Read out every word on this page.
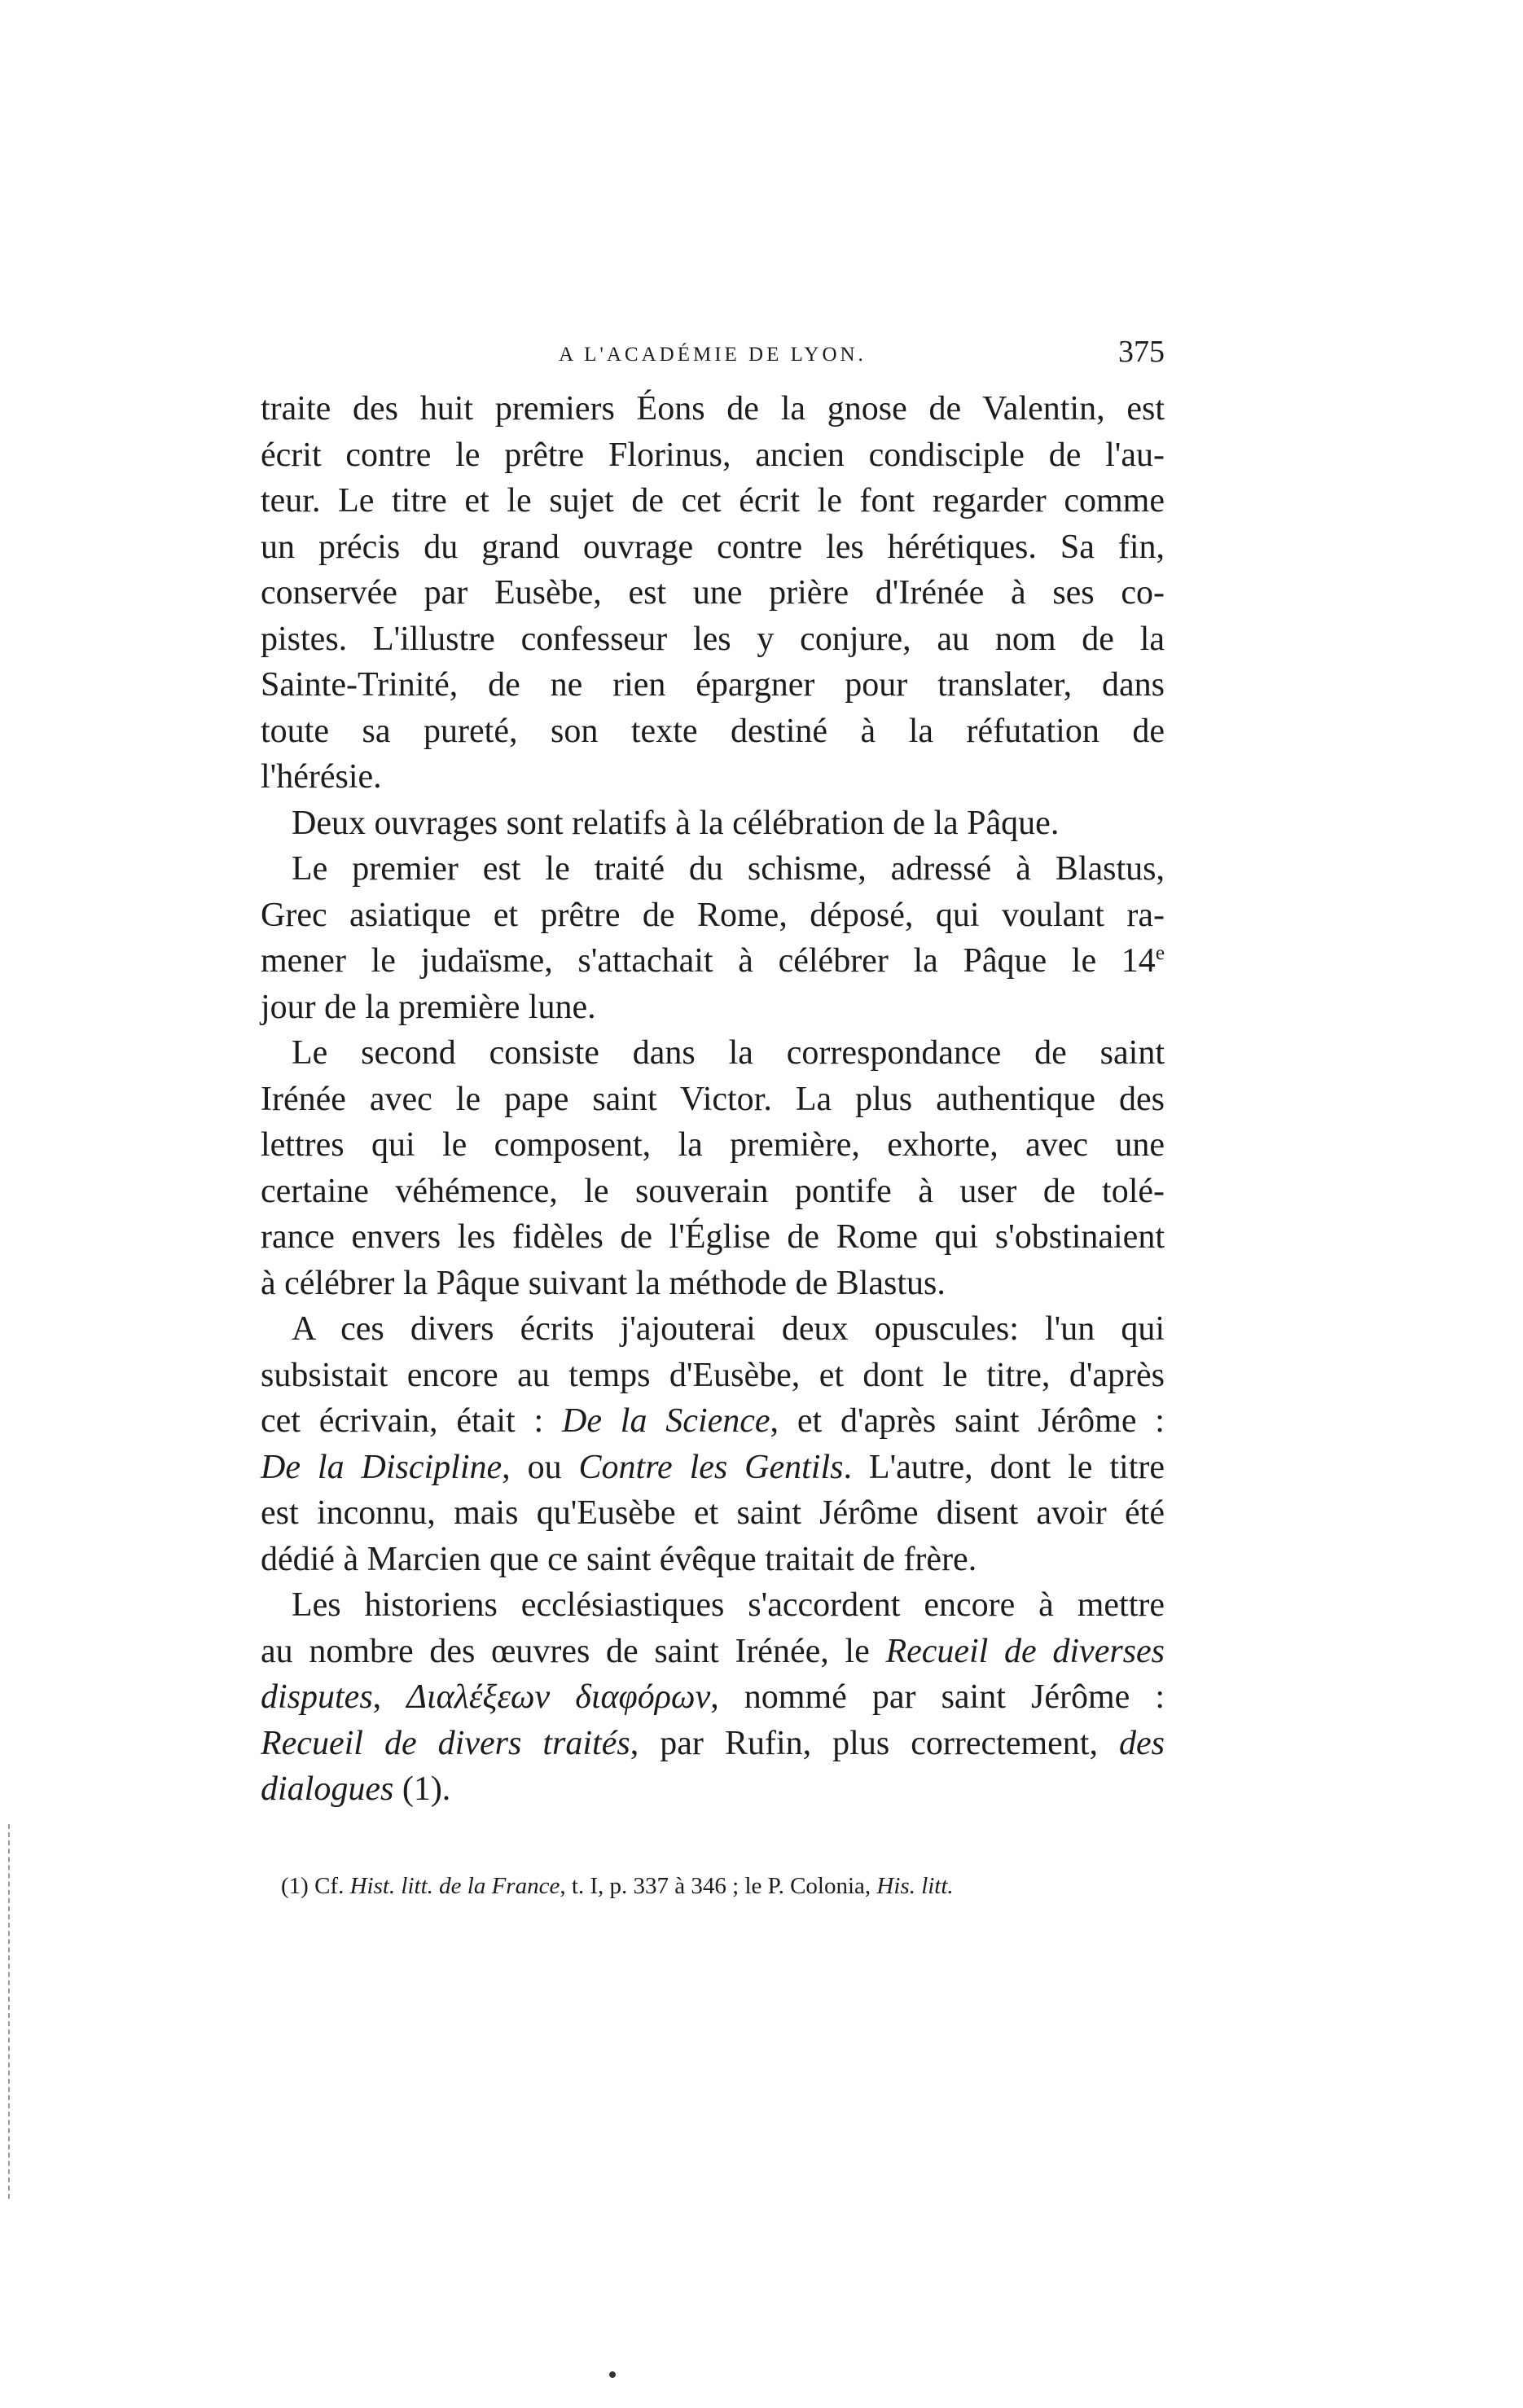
A L'ACADÉMIE DE LYON.	375
traite des huit premiers Éons de la gnose de Valentin, est
écrit contre le prêtre Florinus, ancien condisciple de l'au-
teur. Le titre et le sujet de cet écrit le font regarder comme
un précis du grand ouvrage contre les hérétiques. Sa fin,
conservée par Eusèbe, est une prière d'Irénée à ses co-
pistes. L'illustre confesseur les y conjure, au nom de la
Sainte-Trinité, de ne rien épargner pour translater, dans
toute sa pureté, son texte destiné à la réfutation de
l'hérésie.
Deux ouvrages sont relatifs à la célébration de la Pâque.
Le premier est le traité du schisme, adressé à Blastus,
Grec asiatique et prêtre de Rome, déposé, qui voulant ra-
mener le judaïsme, s'attachait à célébrer la Pâque le 14e
jour de la première lune.
Le second consiste dans la correspondance de saint
Irénée avec le pape saint Victor. La plus authentique des
lettres qui le composent, la première, exhorte, avec une
certaine véhémence, le souverain pontife à user de tolé-
rance envers les fidèles de l'Église de Rome qui s'obstinaient
à célébrer la Pâque suivant la méthode de Blastus.
A ces divers écrits j'ajouterai deux opuscules: l'un qui
subsistait encore au temps d'Eusèbe, et dont le titre, d'après
cet écrivain, était : De la Science, et d'après saint Jérôme :
De la Discipline, ou Contre les Gentils. L'autre, dont le titre
est inconnu, mais qu'Eusèbe et saint Jérôme disent avoir été
dédié à Marcien que ce saint évêque traitait de frère.
Les historiens ecclésiastiques s'accordent encore à mettre
au nombre des œuvres de saint Irénée, le Recueil de diverses
disputes, Διαλέξεων διαφόρων, nommé par saint Jérôme :
Recueil de divers traités, par Rufin, plus correctement, des
dialogues (1).
(1) Cf. Hist. litt. de la France, t. I, p. 337 à 346 ; le P. Colonia, His. litt.
